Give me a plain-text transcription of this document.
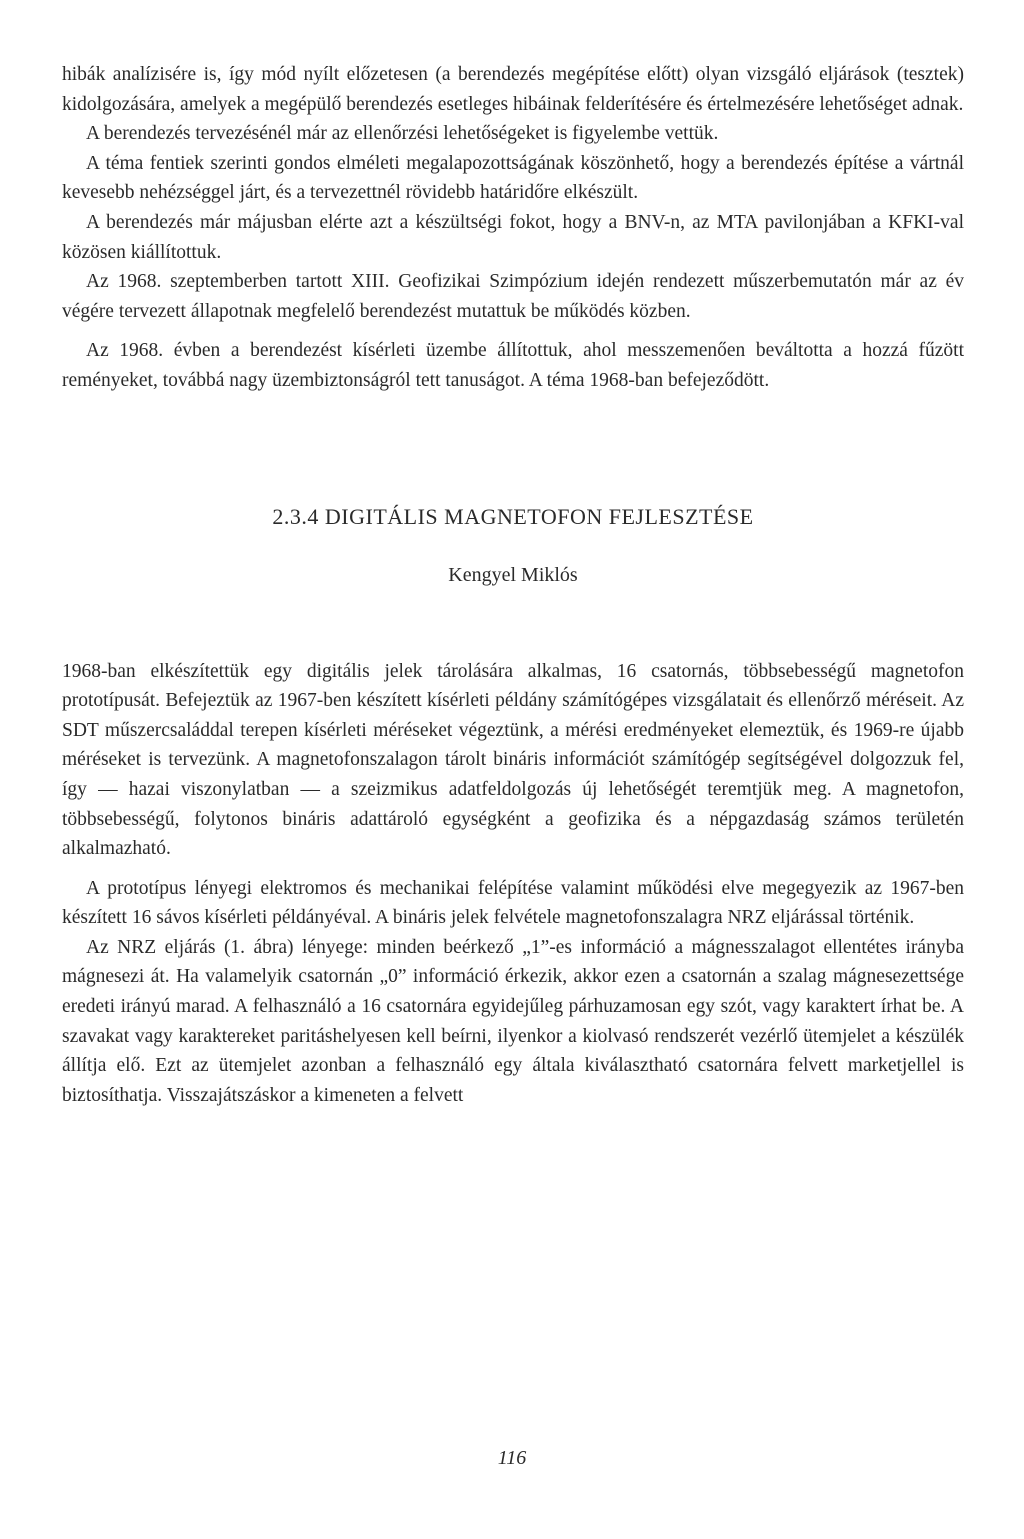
hibák analízisére is, így mód nyílt előzetesen (a berendezés megépítése előtt) olyan vizsgáló eljárások (tesztek) kidolgozására, amelyek a megépülő berendezés esetleges hibáinak felderítésére és értelmezésére lehetőséget adnak.

A berendezés tervezésénél már az ellenőrzési lehetőségeket is figyelembe vettük.

A téma fentiek szerinti gondos elméleti megalapozottságának köszönhető, hogy a berendezés építése a vártnál kevesebb nehézséggel járt, és a tervezettnél rövidebb határidőre elkészült.

A berendezés már májusban elérte azt a készültségi fokot, hogy a BNV-n, az MTA pavilonjában a KFKI-val közösen kiállítottuk.

Az 1968. szeptemberben tartott XIII. Geofizikai Szimpózium idején rendezett műszerbemutatón már az év végére tervezett állapotnak megfelelő berendezést mutattuk be működés közben.

Az 1968. évben a berendezést kísérleti üzembe állítottuk, ahol messzemenően beváltotta a hozzá fűzött reményeket, továbbá nagy üzembiztonságról tett tanuságot. A téma 1968-ban befejeződött.

2.3.4 DIGITÁLIS MAGNETOFON FEJLESZTÉSE
Kengyel Miklós

1968-ban elkészítettük egy digitális jelek tárolására alkalmas, 16 csatornás, többsebességű magnetofon prototípusát. Befejeztük az 1967-ben készített kísérleti példány számítógépes vizsgálatait és ellenőrző méréseit. Az SDT műszercsaláddal terepen kísérleti méréseket végeztünk, a mérési eredményeket elemeztük, és 1969-re újabb méréseket is tervezünk. A magnetofonszalagon tárolt bináris információt számítógép segítségével dolgozzuk fel, így — hazai viszonylatban — a szeizmikus adatfeldolgozás új lehetőségét teremtjük meg. A magnetofon, többsebességű, folytonos bináris adattároló egységként a geofizika és a népgazdaság számos területén alkalmazható.

A prototípus lényegi elektromos és mechanikai felépítése valamint működési elve megegyezik az 1967-ben készített 16 sávos kísérleti példányéval. A bináris jelek felvétele magnetofonszalagra NRZ eljárással történik.

Az NRZ eljárás (1. ábra) lényege: minden beérkező „1”-es információ a mágnesszalagot ellentétes irányba mágnesezi át. Ha valamelyik csatornán „0” információ érkezik, akkor ezen a csatornán a szalag mágnesezettsége eredeti irányú marad. A felhasználó a 16 csatornára egyidejűleg párhuzamosan egy szót, vagy karaktert írhat be. A szavakat vagy karaktereket paritáshelyesen kell beírni, ilyenkor a kiolvasó rendszerét vezérlő ütemjelet a készülék állítja elő. Ezt az ütemjelet azonban a felhasználó egy általa kiválasztható csatornára felvett marketjellel is biztosíthatja. Visszajátszáskor a kimeneten a felvett

116
